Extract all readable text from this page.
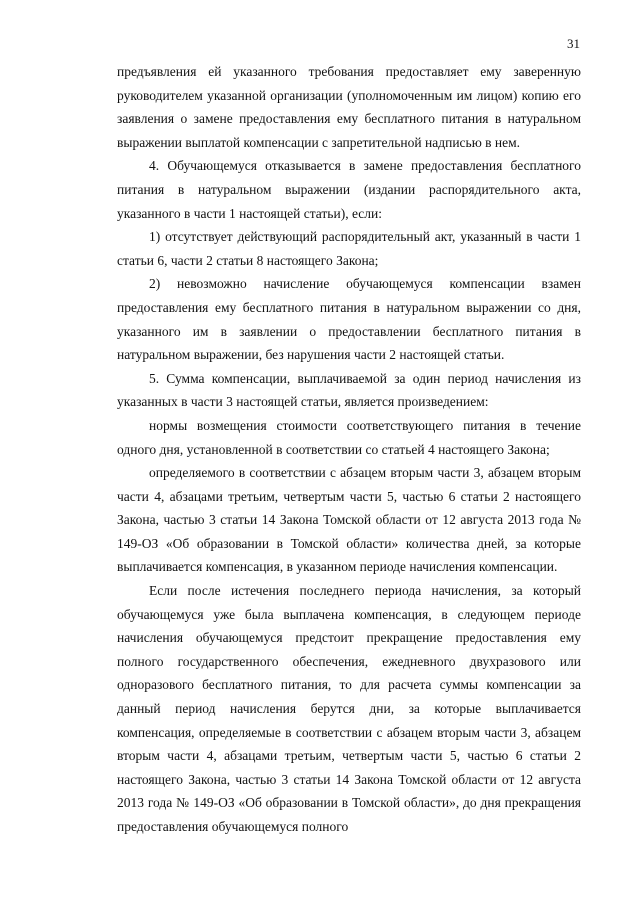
31

предъявления ей указанного требования предоставляет ему заверенную руководителем указанной организации (уполномоченным им лицом) копию его заявления о замене предоставления ему бесплатного питания в натуральном выражении выплатой компенсации с запретительной надписью в нем.

4. Обучающемуся отказывается в замене предоставления бесплатного питания в натуральном выражении (издании распорядительного акта, указанного в части 1 настоящей статьи), если:

1) отсутствует действующий распорядительный акт, указанный в части 1 статьи 6, части 2 статьи 8 настоящего Закона;

2) невозможно начисление обучающемуся компенсации взамен предоставления ему бесплатного питания в натуральном выражении со дня, указанного им в заявлении о предоставлении бесплатного питания в натуральном выражении, без нарушения части 2 настоящей статьи.

5. Сумма компенсации, выплачиваемой за один период начисления из указанных в части 3 настоящей статьи, является произведением:

нормы возмещения стоимости соответствующего питания в течение одного дня, установленной в соответствии со статьей 4 настоящего Закона;

определяемого в соответствии с абзацем вторым части 3, абзацем вторым части 4, абзацами третьим, четвертым части 5, частью 6 статьи 2 настоящего Закона, частью 3 статьи 14 Закона Томской области от 12 августа 2013 года № 149-ОЗ «Об образовании в Томской области» количества дней, за которые выплачивается компенсация, в указанном периоде начисления компенсации.

Если после истечения последнего периода начисления, за который обучающемуся уже была выплачена компенсация, в следующем периоде начисления обучающемуся предстоит прекращение предоставления ему полного государственного обеспечения, ежедневного двухразового или одноразового бесплатного питания, то для расчета суммы компенсации за данный период начисления берутся дни, за которые выплачивается компенсация, определяемые в соответствии с абзацем вторым части 3, абзацем вторым части 4, абзацами третьим, четвертым части 5, частью 6 статьи 2 настоящего Закона, частью 3 статьи 14 Закона Томской области от 12 августа 2013 года № 149-ОЗ «Об образовании в Томской области», до дня прекращения предоставления обучающемуся полного
